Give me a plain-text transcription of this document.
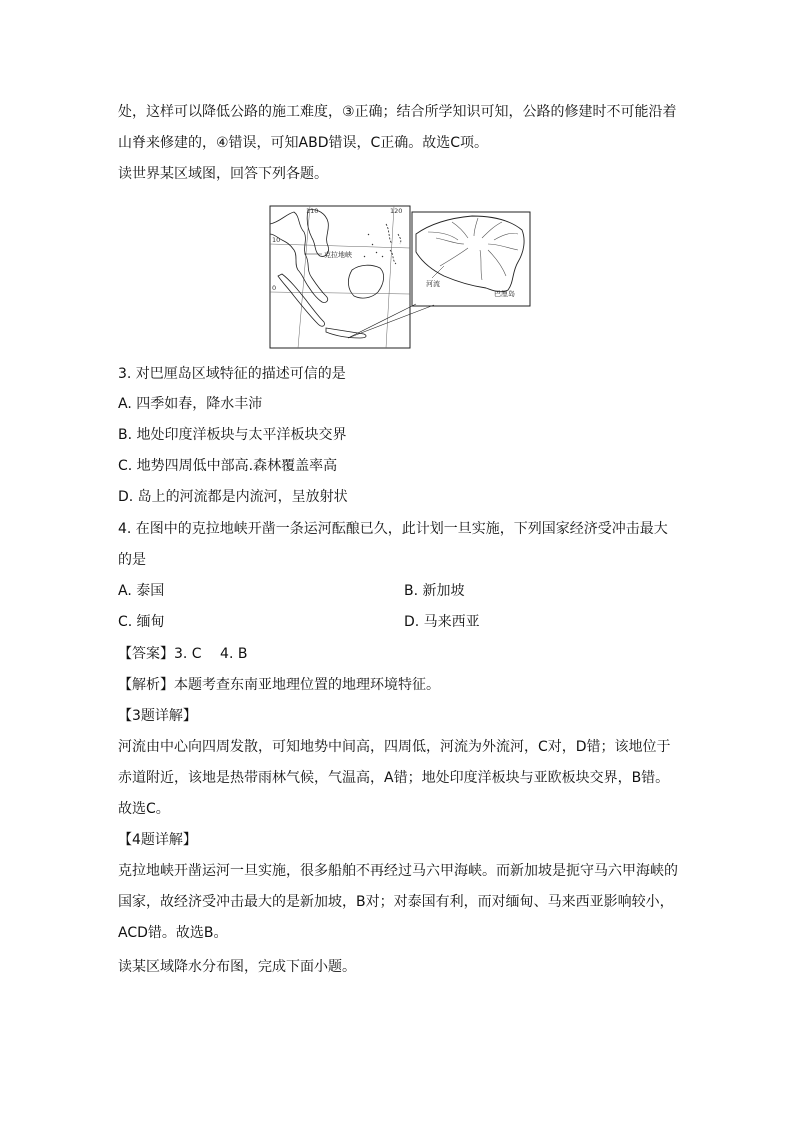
处，这样可以降低公路的施工难度，③正确；结合所学知识可知，公路的修建时不可能沿着
山脊来修建的，④错误，可知ABD错误，C正确。故选C项。
读世界某区域图，回答下列各题。
110	120
10
0
克拉地峡
河流
巴厘岛
3. 对巴厘岛区域特征的描述可信的是
A. 四季如春，降水丰沛
B. 地处印度洋板块与太平洋板块交界
C. 地势四周低中部高.森林覆盖率高
D. 岛上的河流都是内流河，呈放射状
4. 在图中的克拉地峡开凿一条运河酝酿已久，此计划一旦实施，下列国家经济受冲击最大
的是
A. 泰国	B. 新加坡
C. 缅甸	D. 马来西亚
【答案】3. C　 4. B
【解析】本题考查东南亚地理位置的地理环境特征。
【3题详解】
河流由中心向四周发散，可知地势中间高，四周低，河流为外流河，C对，D错；该地位于
赤道附近，该地是热带雨林气候，气温高，A错；地处印度洋板块与亚欧板块交界，B错。
故选C。
【4题详解】
克拉地峡开凿运河一旦实施，很多船舶不再经过马六甲海峡。而新加坡是扼守马六甲海峡的
国家，故经济受冲击最大的是新加坡，B对；对泰国有利，而对缅甸、马来西亚影响较小，
ACD错。故选B。
读某区域降水分布图，完成下面小题。
